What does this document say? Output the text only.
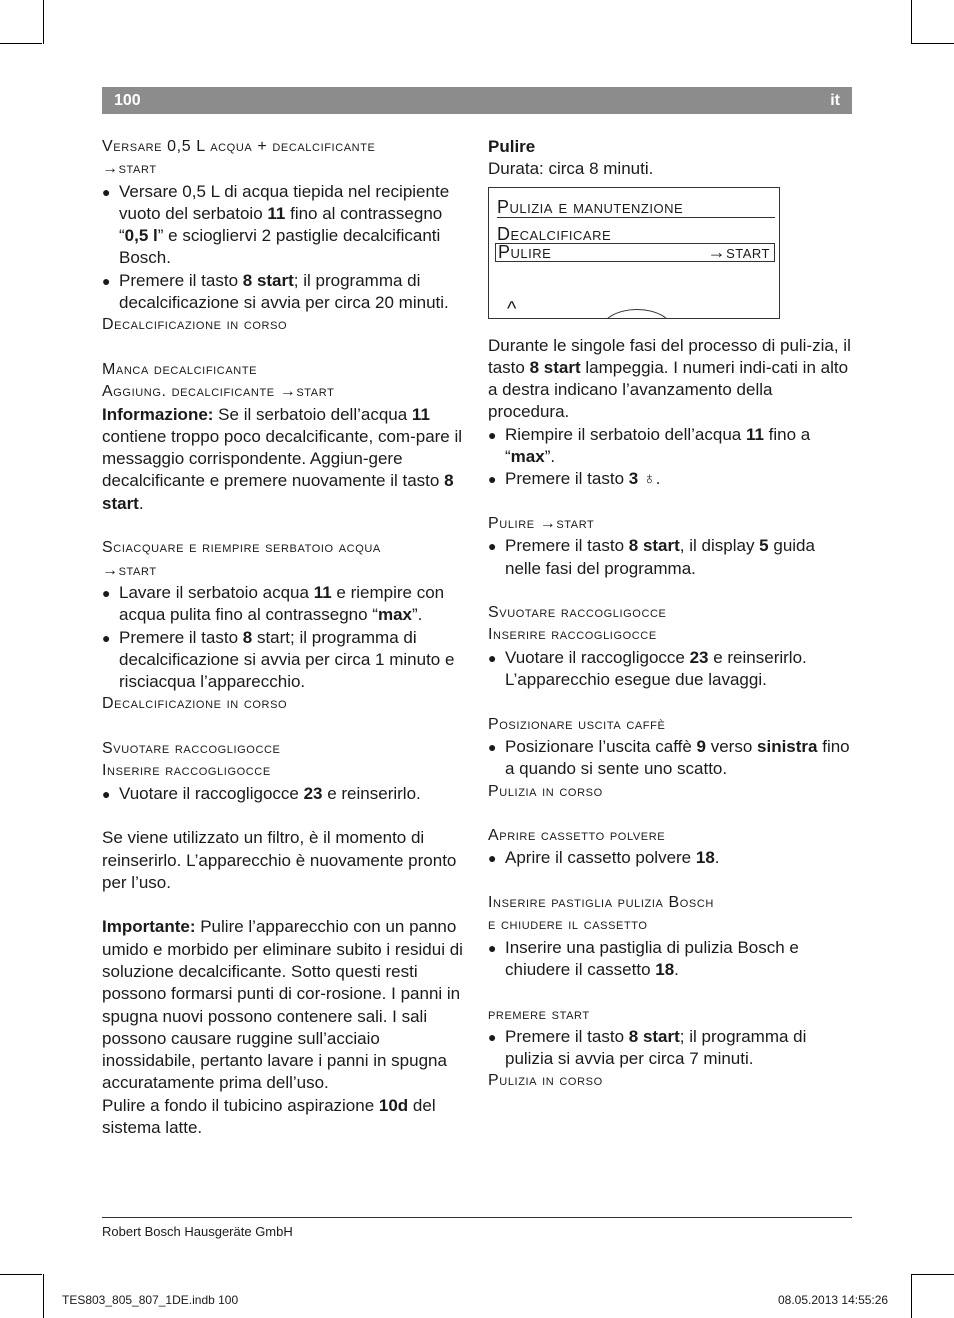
100	it
Versare 0,5 L acqua + decalcificante
→start
● Versare 0,5 L di acqua tiepida nel recipiente vuoto del serbatoio 11 fino al contrassegno “0,5 l” e sciogliervi 2 pastiglie decalcificanti Bosch.
● Premere il tasto 8 start; il programma di decalcificazione si avvia per circa 20 minuti.
Decalcificazione in corso
Manca decalcificante
Aggiung. decalcificante →start

Informazione: Se il serbatoio dell’acqua 11 contiene troppo poco decalcificante, com-pare il messaggio corrispondente. Aggiun-gere decalcificante e premere nuovamente il tasto 8 start.

Sciacquare e riempire serbatoio acqua
→start
● Lavare il serbatoio acqua 11 e riempire con acqua pulita fino al contrassegno “max”.
● Premere il tasto 8 start; il programma di decalcificazione si avvia per circa 1 minuto e risciacqua l’apparecchio.
Decalcificazione in corso
Svuotare raccogligocce
Inserire raccogligocce
● Vuotare il raccogligocce 23 e reinserirlo.

Se viene utilizzato un filtro, è il momento di reinserirlo. L’apparecchio è nuovamente pronto per l’uso.

Importante: Pulire l’apparecchio con un panno umido e morbido per eliminare subito i residui di soluzione decalcificante. Sotto questi resti possono formarsi punti di cor-rosione. I panni in spugna nuovi possono contenere sali. I sali possono causare ruggine sull’acciaio inossidabile, pertanto lavare i panni in spugna accuratamente prima dell’uso.

Pulire a fondo il tubicino aspirazione 10d del sistema latte.

Pulire

Durata: circa 8 minuti.

Pulizia e manutenzione
Decalcificare
Pulire	→start
^

Durante le singole fasi del processo di puli-zia, il tasto 8 start lampeggia. I numeri indi-cati in alto a destra indicano l’avanzamento della procedura.

● Riempire il serbatoio dell’acqua 11 fino a “max”.
● Premere il tasto 3 ♁.
Pulire →start
● Premere il tasto 8 start, il display 5 guida nelle fasi del programma.
Svuotare raccogligocce
Inserire raccogligocce
● Vuotare il raccogligocce 23 e reinserirlo. L’apparecchio esegue due lavaggi.
Posizionare uscita caffè
● Posizionare l’uscita caffè 9 verso sinistra fino a quando si sente uno scatto.
Pulizia in corso
Aprire cassetto polvere
● Aprire il cassetto polvere 18.
Inserire pastiglia pulizia Bosch
e chiudere il cassetto
● Inserire una pastiglia di pulizia Bosch e chiudere il cassetto 18.
premere start
● Premere il tasto 8 start; il programma di pulizia si avvia per circa 7 minuti.
Pulizia in corso
Robert Bosch Hausgeräte GmbH
TES803_805_807_1DE.indb 100	08.05.2013 14:55:26
